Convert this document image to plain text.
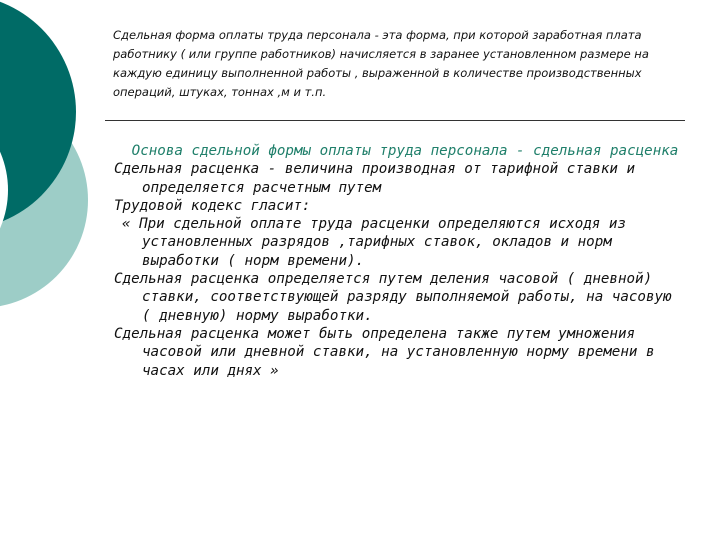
Сдельная форма оплаты труда персонала - эта форма, при которой заработная плата работнику ( или группе работников) начисляется в заранее установленном размере на каждую единицу выполненной работы , выраженной в количестве производственных операций, штуках, тоннах ,м и т.п.

Основа сдельной формы оплаты труда персонала - сдельная расценка

Сдельная расценка - величина производная от тарифной ставки и определяется расчетным путем

Трудовой кодекс гласит:

« При сдельной оплате труда расценки определяются исходя из установленных разрядов ,тарифных ставок, окладов и норм выработки ( норм времени).

Сдельная расценка определяется путем деления часовой ( дневной) ставки, соответствующей разряду выполняемой работы, на часовую ( дневную) норму выработки.

Сдельная расценка может быть определена также путем умножения часовой или дневной ставки, на установленную норму времени в часах или днях »
